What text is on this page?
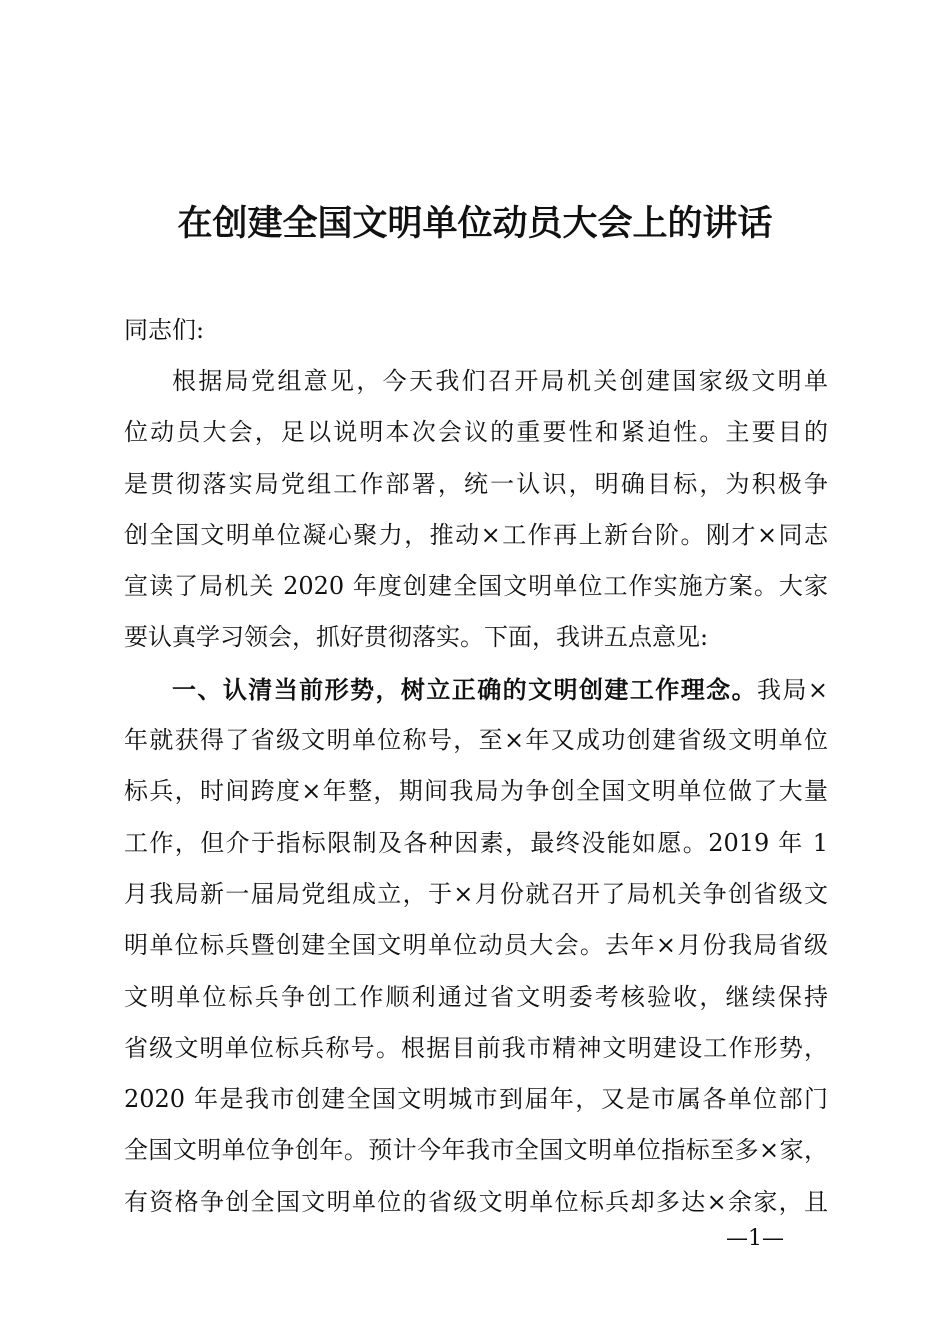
在创建全国文明单位动员大会上的讲话
同志们:
根据局党组意见，今天我们召开局机关创建国家级文明单
位动员大会，足以说明本次会议的重要性和紧迫性。主要目的
是贯彻落实局党组工作部署，统一认识，明确目标，为积极争
创全国文明单位凝心聚力，推动×工作再上新台阶。刚才×同志
宣读了局机关 2020 年度创建全国文明单位工作实施方案。大家
要认真学习领会，抓好贯彻落实。下面，我讲五点意见:
一、认清当前形势，树立正确的文明创建工作理念。我局×
年就获得了省级文明单位称号，至×年又成功创建省级文明单位
标兵，时间跨度×年整，期间我局为争创全国文明单位做了大量
工作，但介于指标限制及各种因素，最终没能如愿。2019 年 1
月我局新一届局党组成立，于×月份就召开了局机关争创省级文
明单位标兵暨创建全国文明单位动员大会。去年×月份我局省级
文明单位标兵争创工作顺利通过省文明委考核验收，继续保持
省级文明单位标兵称号。根据目前我市精神文明建设工作形势，
2020 年是我市创建全国文明城市到届年，又是市属各单位部门
全国文明单位争创年。预计今年我市全国文明单位指标至多×家，
有资格争创全国文明单位的省级文明单位标兵却多达×余家，且
—1—
